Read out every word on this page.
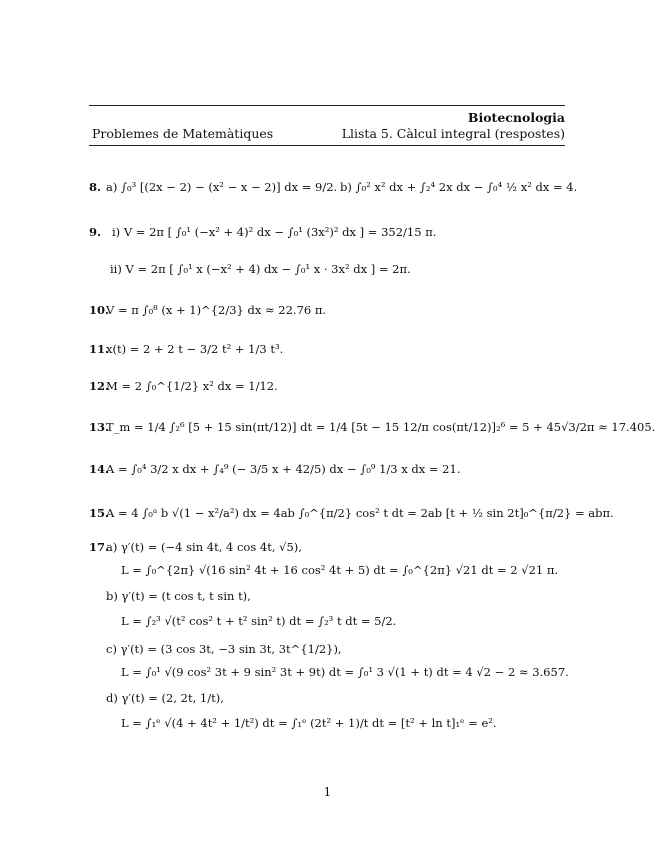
Biotecnologia
Problemes de Matemàtiques	Llista 5. Càlcul integral (respostes)
8. a) ∫₀³ [(2x − 2) − (x² − x − 2)] dx = 9/2. b) ∫₀² x² dx + ∫₂⁴ 2x dx − ∫₀⁴ ½ x² dx = 4.
9. i) V = 2π [ ∫₀¹ (−x² + 4)² dx − ∫₀¹ (3x²)² dx ] = 352/15 π.
ii) V = 2π [ ∫₀¹ x (−x² + 4) dx − ∫₀¹ x · 3x² dx ] = 2π.
10.
V = π ∫₀⁸ (x + 1)^{2/3} dx ≈ 22.76 π.
11.
x(t) = 2 + 2 t − 3/2 t² + 1/3 t³.
12.
M = 2 ∫₀^{1/2} x² dx = 1/12.
13.
T_m = 1/4 ∫₂⁶ [5 + 15 sin(πt/12)] dt = 1/4 [5t − 15 12/π cos(πt/12)]₂⁶ = 5 + 45√3/2π ≈ 17.405.
14.
A = ∫₀⁴ 3/2 x dx + ∫₄⁹ (− 3/5 x + 42/5) dx − ∫₀⁹ 1/3 x dx = 21.
15.
A = 4 ∫₀ᵃ b √(1 − x²/a²) dx = 4ab ∫₀^{π/2} cos² t dt = 2ab [t + ½ sin 2t]₀^{π/2} = abπ.
17.
a) γ′(t) = (−4 sin 4t, 4 cos 4t, √5),
L = ∫₀^{2π} √(16 sin² 4t + 16 cos² 4t + 5) dt = ∫₀^{2π} √21 dt = 2 √21 π.
b) γ′(t) = (t cos t, t sin t),
L = ∫₂³ √(t² cos² t + t² sin² t) dt = ∫₂³ t dt = 5/2.
c) γ′(t) = (3 cos 3t, −3 sin 3t, 3t^{1/2}),
L = ∫₀¹ √(9 cos² 3t + 9 sin² 3t + 9t) dt = ∫₀¹ 3 √(1 + t) dt = 4 √2 − 2 ≈ 3.657.
d) γ′(t) = (2, 2t, 1/t),
L = ∫₁ᵉ √(4 + 4t² + 1/t²) dt = ∫₁ᵉ (2t² + 1)/t dt = [t² + ln t]₁ᵉ = e².
1
